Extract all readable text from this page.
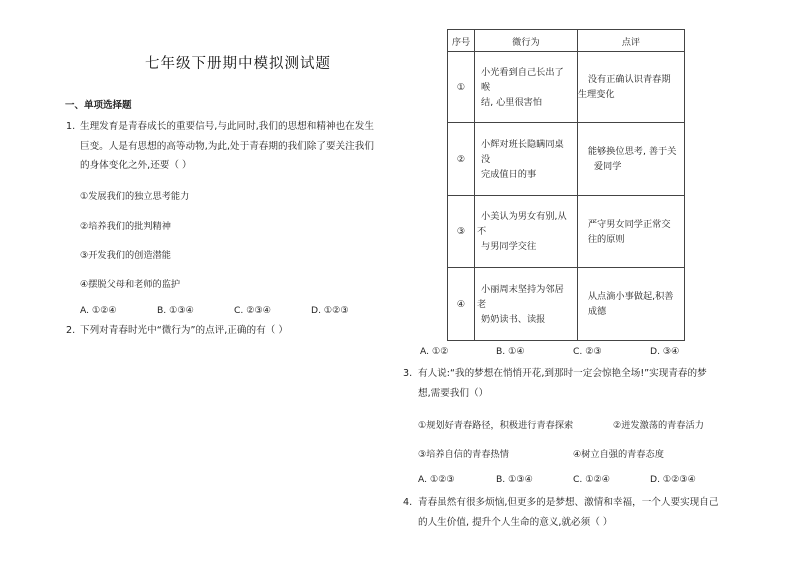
七年级下册期中模拟测试题
一、单项选择题
1. 生理发育是青春成长的重要信号,与此同时,我们的思想和精神也在发生
巨变。人是有思想的高等动物,为此,处于青春期的我们除了要关注我们
的身体变化之外,还要（ ）
①发展我们的独立思考能力
②培养我们的批判精神
③开发我们的创造潜能
④摆脱父母和老师的监护
A. ①②④	B. ①③④	C. ②③④	D. ①②③
2. 下列对青春时光中“微行为”的点评,正确的有（ ）
序号	微行为	点评
①	小光看到自己长出了
喉
结, 心里很害怕	没有正确认识青春期
生理变化

②	小辉对班长隐瞒同桌
没
完成值日的事	能够换位思考, 善于关
爱同学

③	小美认为男女有别,从
不
与男同学交往	严守男女同学正常交
往的原则

④	小丽周末坚持为邻居
老
奶奶读书、读报	从点滴小事做起,积善
成德
A. ①②	B. ①④	C. ②③	D. ③④
3. 有人说:“我的梦想在悄悄开花,到那时一定会惊艳全场!”实现青春的梦
想,需要我们（）
①规划好青春路径，积极进行青春探索	②迸发激荡的青春活力
③培养自信的青春热情	④树立自强的青春态度
A. ①②③	B. ①③④	C. ①②④	D. ①②③④
4. 青春虽然有很多烦恼,但更多的是梦想、激情和幸福，一个人要实现自己
的人生价值, 提升个人生命的意义,就必须（ ）
